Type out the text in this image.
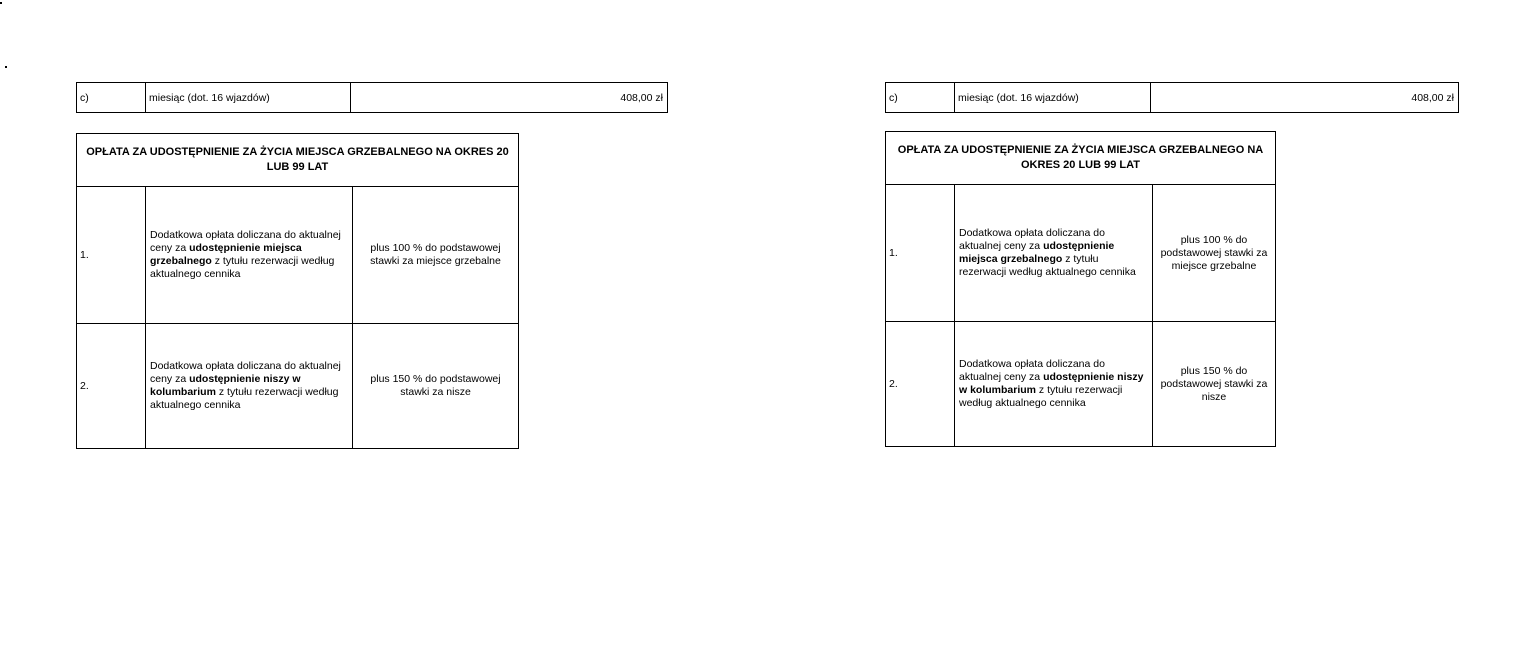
c)	miesiąc (dot. 16 wjazdów)	408,00 zł
OPŁATA ZA UDOSTĘPNIENIE ZA ŻYCIA MIEJSCA GRZEBALNEGO NA OKRES 20 LUB 99 LAT		
1.	Dodatkowa opłata doliczana do aktualnej ceny za udostępnienie miejsca grzebalnego z tytułu rezerwacji według aktualnego cennika	plus 100 % do podstawowej stawki za miejsce grzebalne
2.	Dodatkowa opłata doliczana do aktualnej ceny za udostępnienie niszy w kolumbarium z tytułu rezerwacji według aktualnego cennika	plus 150 % do podstawowej stawki za nisze
c)	miesiąc (dot. 16 wjazdów)	408,00 zł
OPŁATA ZA UDOSTĘPNIENIE ZA ŻYCIA MIEJSCA GRZEBALNEGO NA OKRES 20 LUB 99 LAT		
1.	Dodatkowa opłata doliczana do aktualnej ceny za udostępnienie miejsca grzebalnego z tytułu rezerwacji według aktualnego cennika	plus 100 % do podstawowej stawki za miejsce grzebalne
2.	Dodatkowa opłata doliczana do aktualnej ceny za udostępnienie niszy w kolumbarium z tytułu rezerwacji według aktualnego cennika	plus 150 % do podstawowej stawki za nisze
